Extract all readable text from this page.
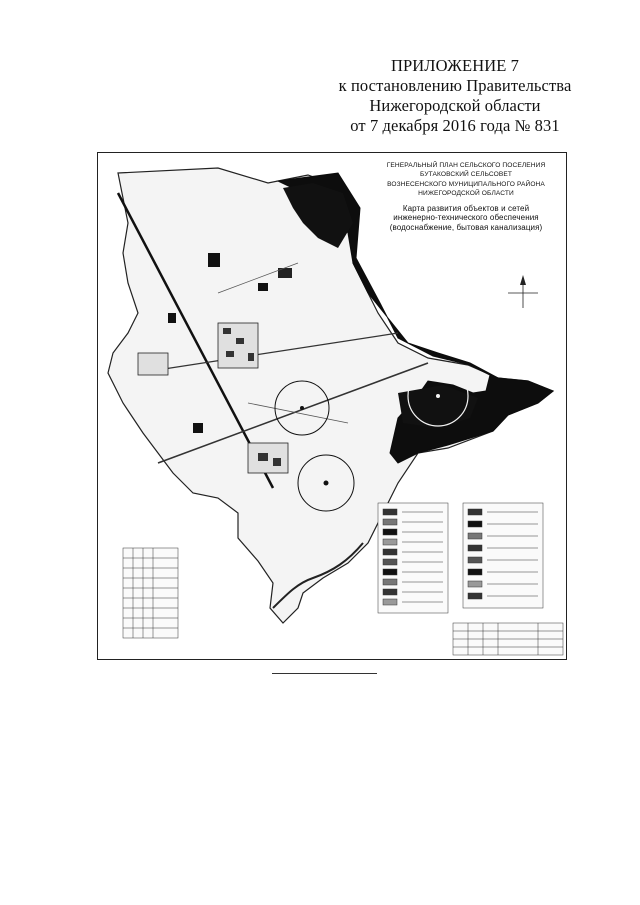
ПРИЛОЖЕНИЕ 7
к постановлению Правительства
Нижегородской области
от 7 декабря 2016 года № 831
ГЕНЕРАЛЬНЫЙ ПЛАН СЕЛЬСКОГО ПОСЕЛЕНИЯ
БУТАКОВСКИЙ СЕЛЬСОВЕТ
ВОЗНЕСЕНСКОГО МУНИЦИПАЛЬНОГО РАЙОНА
НИЖЕГОРОДСКОЙ ОБЛАСТИ
Карта развития объектов и сетей
инженерно-технического обеспечения
(водоснабжение, бытовая канализация)
